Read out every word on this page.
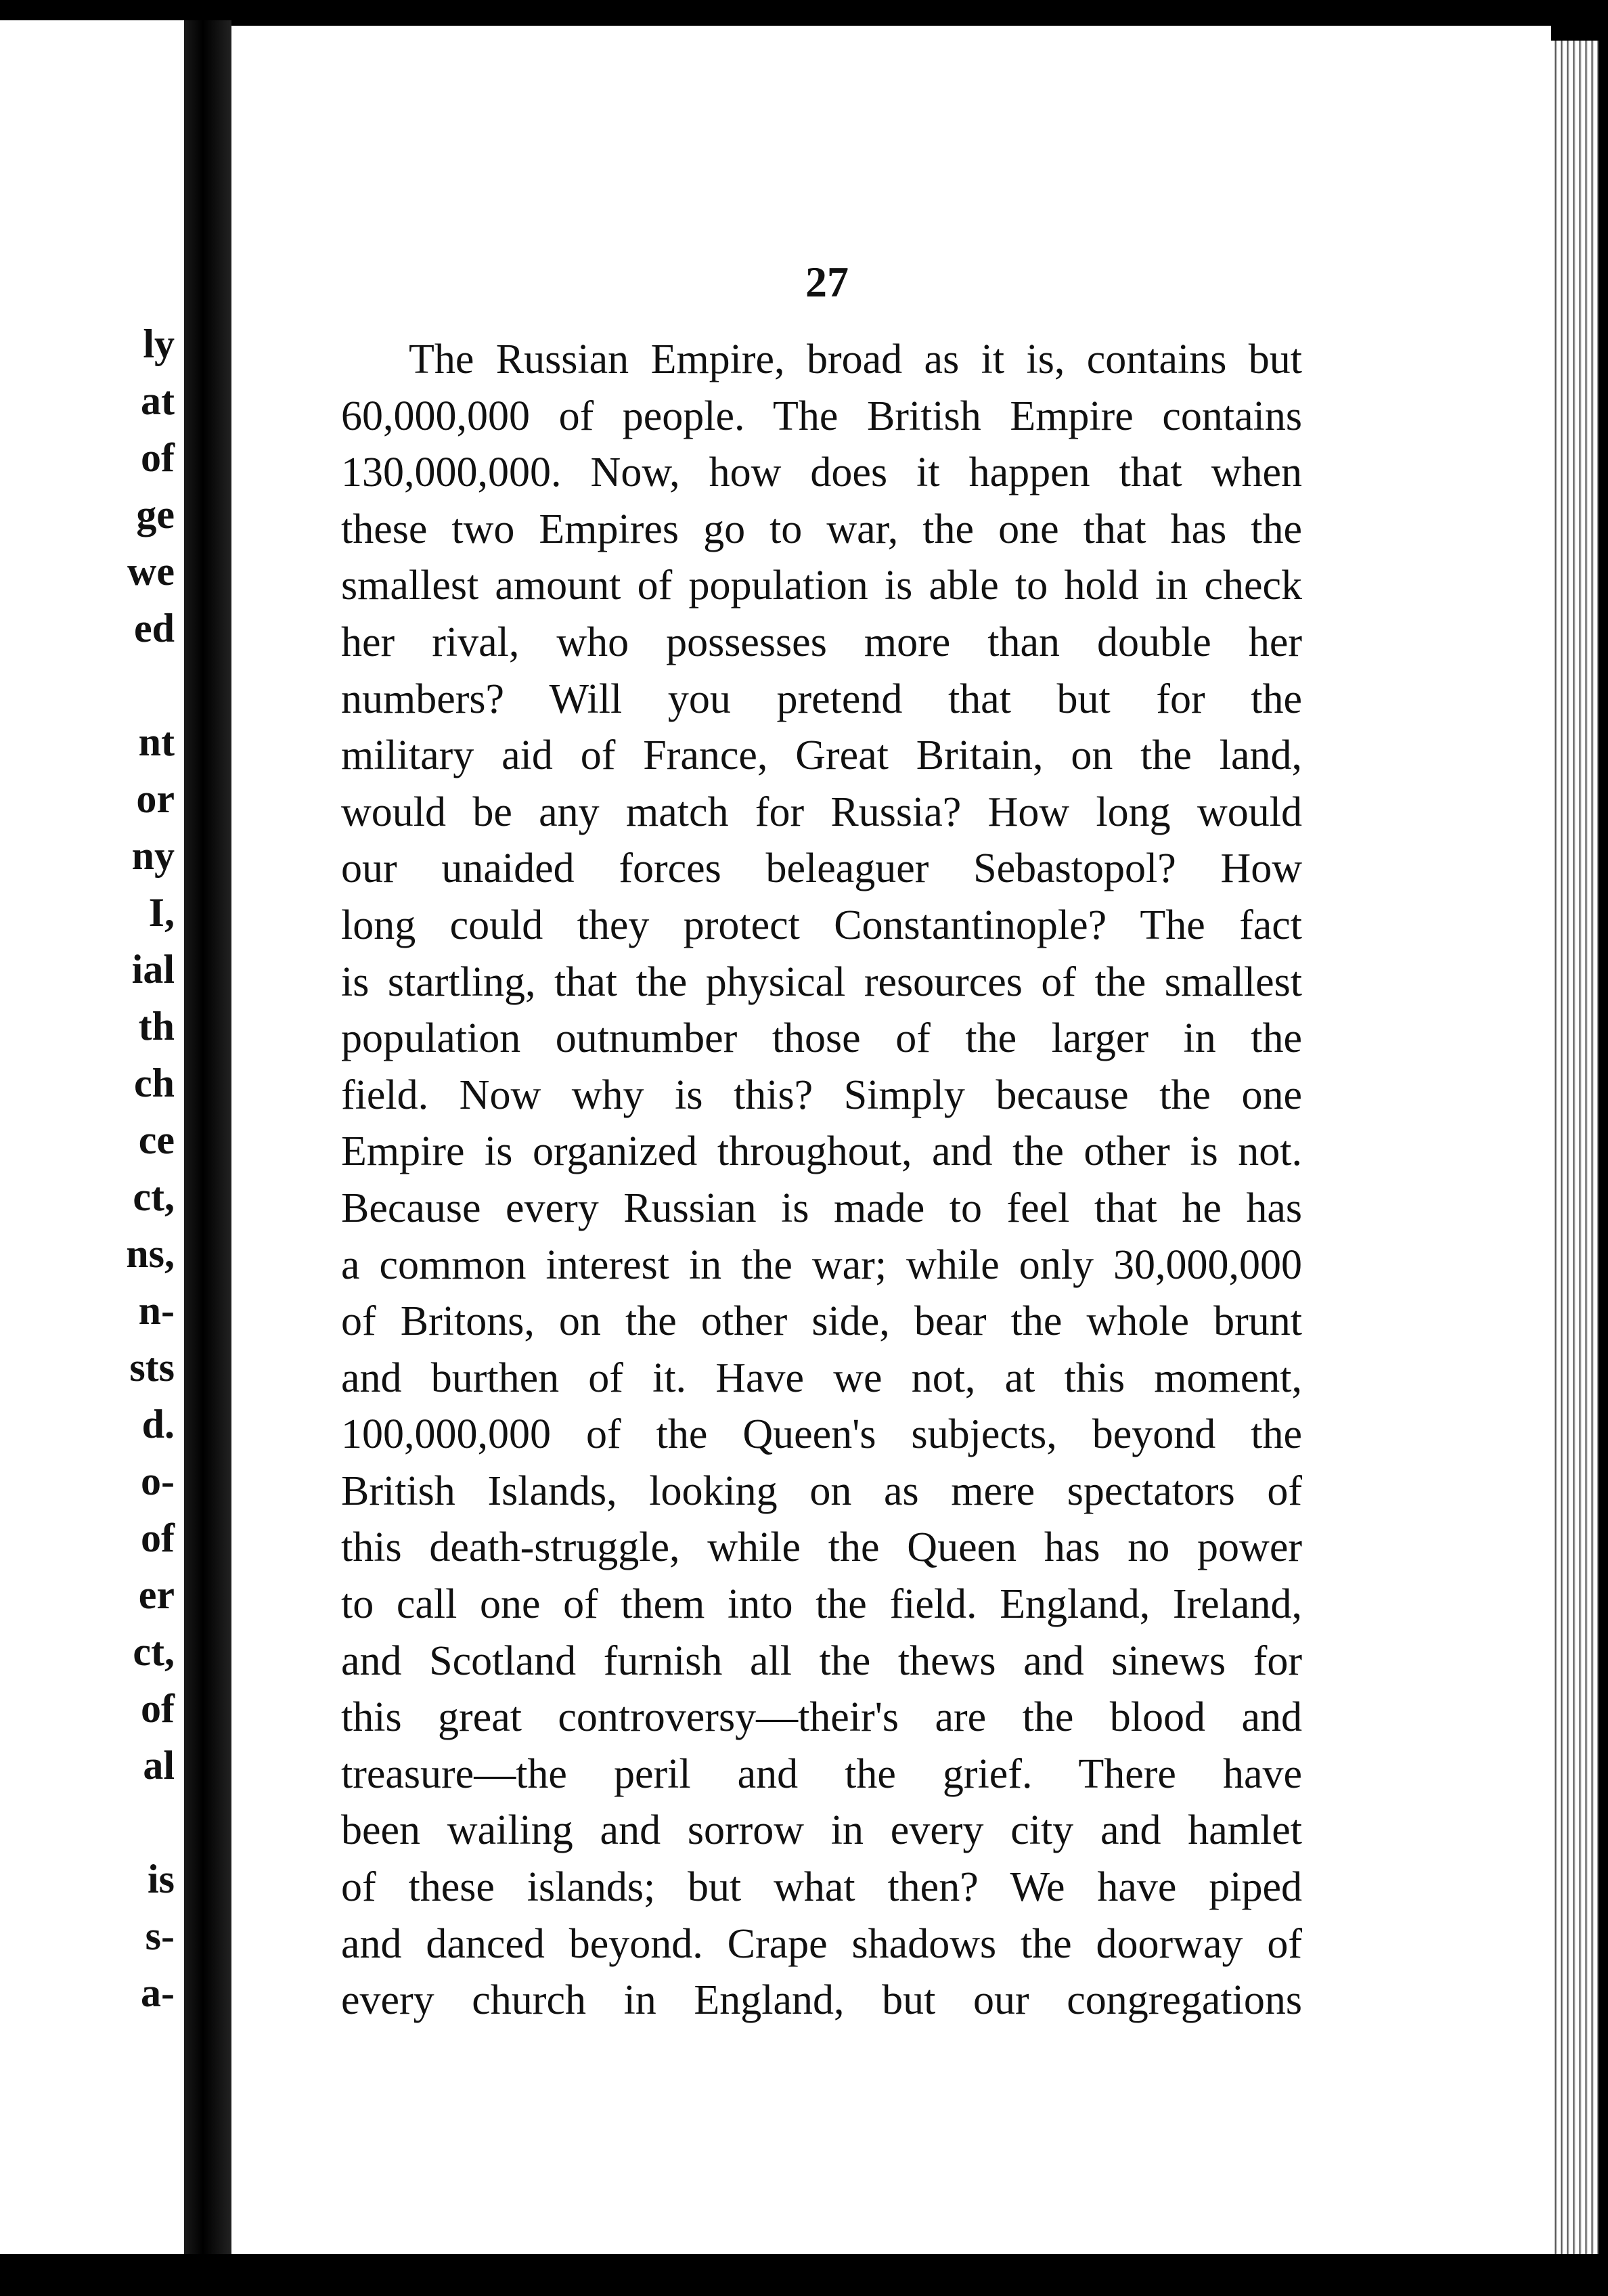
ly
at
of
ge
we
ed
nt
or
ny
I,
ial
th
ch
ce
ct,
ns,
n-
sts
d.
o-
of
er
ct,
of
al
is
s-
a-
27
The Russian Empire, broad as it is, contains but
60,000,000 of people. The British Empire contains
130,000,000. Now, how does it happen that when
these two Empires go to war, the one that has the
smallest amount of population is able to hold in check
her rival, who possesses more than double her
numbers? Will you pretend that but for the
military aid of France, Great Britain, on the land,
would be any match for Russia? How long would
our unaided forces beleaguer Sebastopol? How
long could they protect Constantinople? The fact
is startling, that the physical resources of the smallest
population outnumber those of the larger in the
field. Now why is this? Simply because the one
Empire is organized throughout, and the other is not.
Because every Russian is made to feel that he has
a common interest in the war; while only 30,000,000
of Britons, on the other side, bear the whole brunt
and burthen of it. Have we not, at this moment,
100,000,000 of the Queen's subjects, beyond the
British Islands, looking on as mere spectators of
this death-struggle, while the Queen has no power
to call one of them into the field. England, Ireland,
and Scotland furnish all the thews and sinews for
this great controversy—their's are the blood and
treasure—the peril and the grief. There have
been wailing and sorrow in every city and hamlet
of these islands; but what then? We have piped
and danced beyond. Crape shadows the doorway of
every church in England, but our congregations
